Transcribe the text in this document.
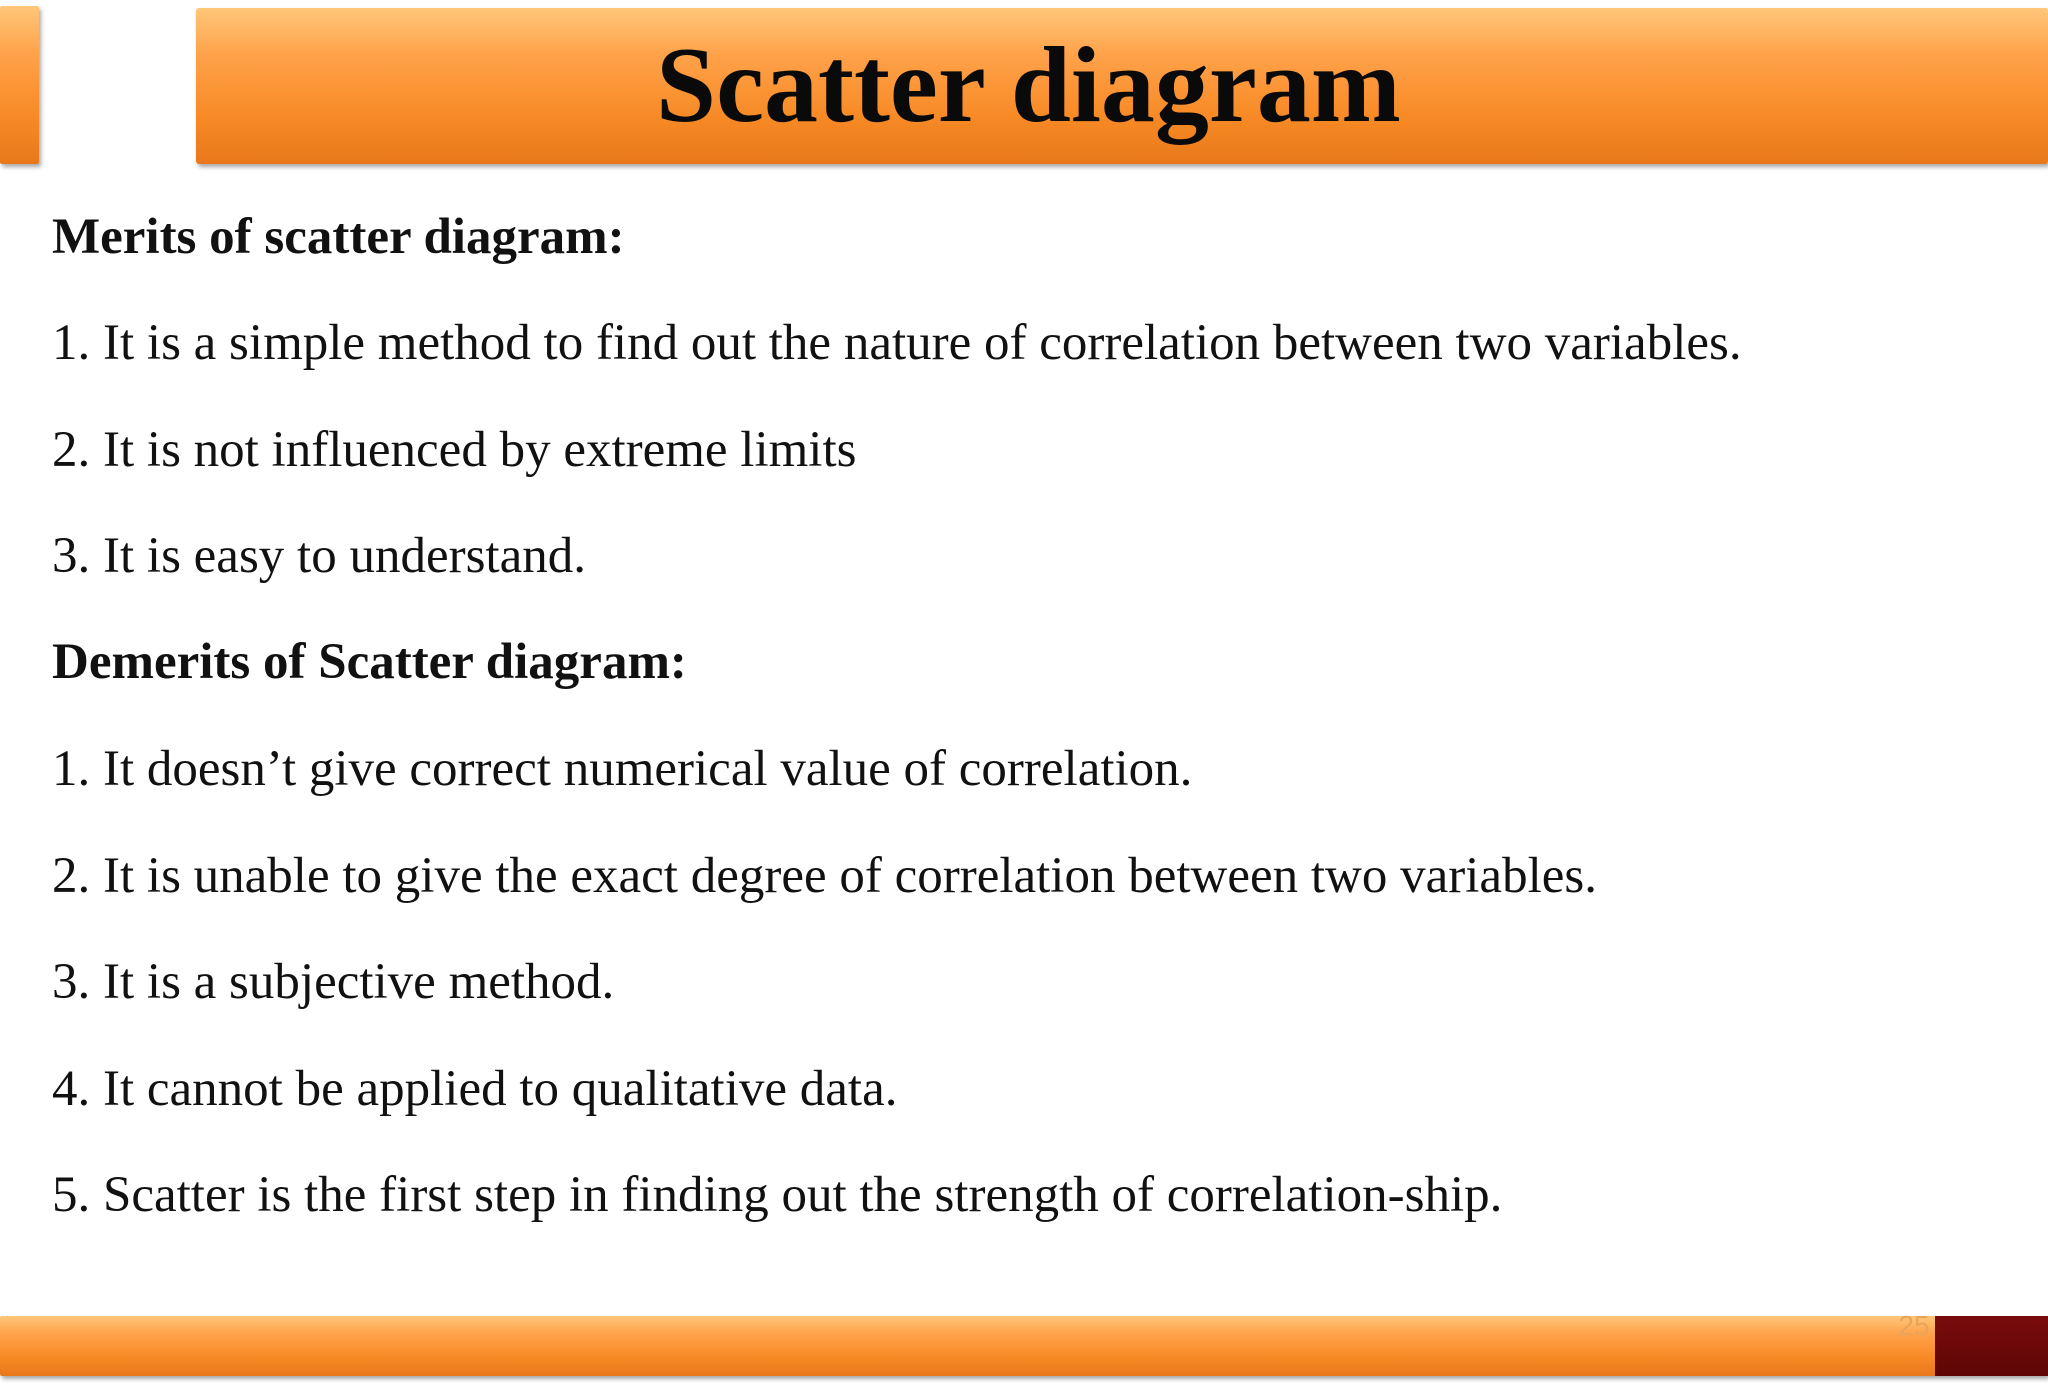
Scatter diagram
Merits of scatter diagram:
1. It is a simple method to find out the nature of correlation between two variables.
2. It is not influenced by extreme limits
3. It is easy to understand.
Demerits of Scatter diagram:
1. It doesn’t give correct numerical value of correlation.
2. It is unable to give the exact degree of correlation between two variables.
3. It is a subjective method.
4. It cannot be applied to qualitative data.
5. Scatter is the first step in finding out the strength of correlation-ship.
25
